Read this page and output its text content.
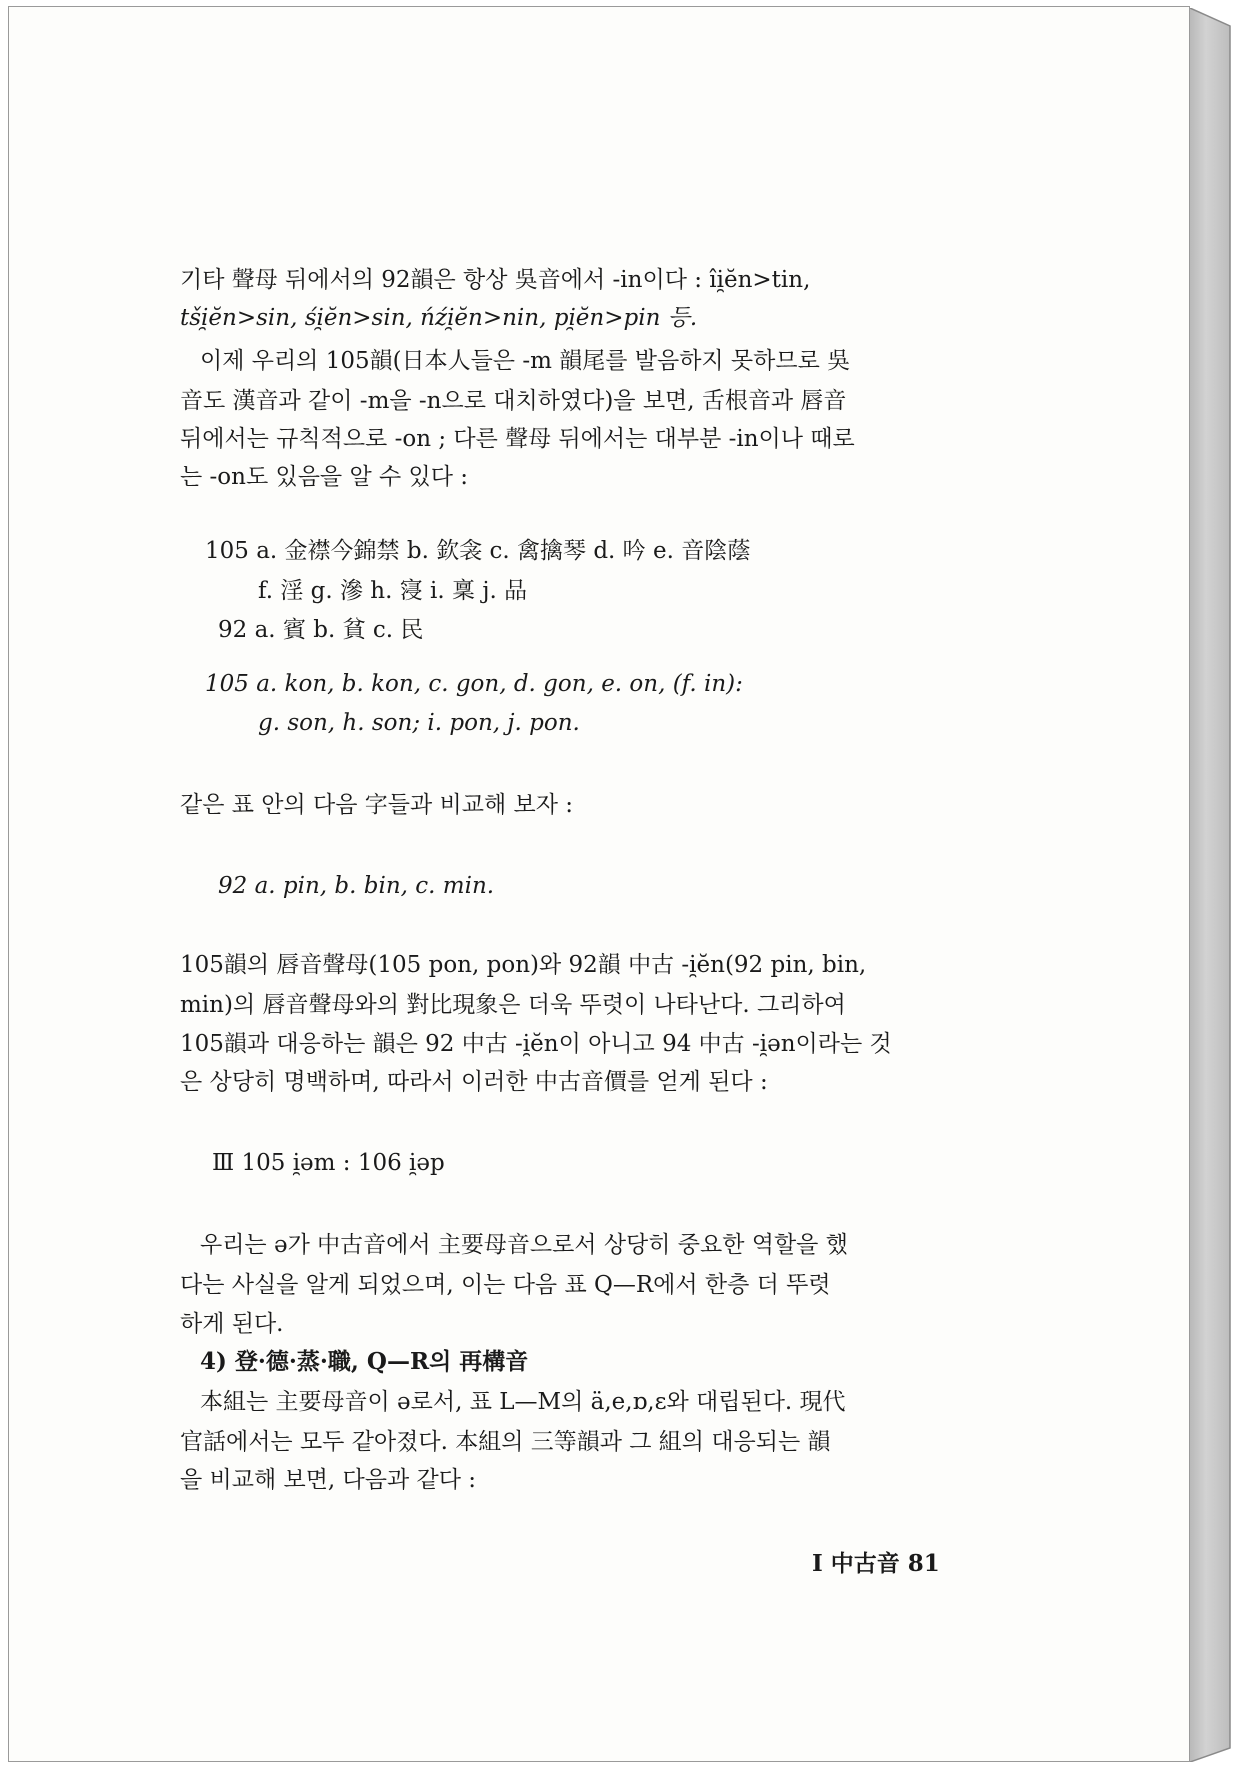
기타 聲母 뒤에서의 92韻은 항상 吳音에서 -in이다 : îi̯ĕn>tin,
tši̯ĕn>sin, śi̯ĕn>sin, ńźi̯ĕn>nin, pi̯ĕn>pin 등.
이제 우리의 105韻(日本人들은 -m 韻尾를 발음하지 못하므로 吳
音도 漢音과 같이 -m을 -n으로 대치하였다)을 보면, 舌根音과 唇音
뒤에서는 규칙적으로 -on ; 다른 聲母 뒤에서는 대부분 -in이나 때로
는 -on도 있음을 알 수 있다 :
105 a. 金襟今錦禁 b. 欽衾 c. 禽擒琴 d. 吟 e. 音陰蔭
f. 淫 g. 滲 h. 寖 i. 稟 j. 品
92 a. 賓 b. 貧 c. 民
105 a. kon, b. kon, c. gon, d. gon, e. on, (f. in):
g. son, h. son; i. pon, j. pon.
같은 표 안의 다음 字들과 비교해 보자 :
92 a. pin, b. bin, c. min.
105韻의 唇音聲母(105 pon, pon)와 92韻 中古 -i̯ĕn(92 pin, bin,
min)의 唇音聲母와의 對比現象은 더욱 뚜렷이 나타난다. 그리하여
105韻과 대응하는 韻은 92 中古 -i̯ĕn이 아니고 94 中古 -i̯ən이라는 것
은 상당히 명백하며, 따라서 이러한 中古音價를 얻게 된다 :
Ⅲ 105 i̯əm : 106 i̯əp
우리는 ə가 中古音에서 主要母音으로서 상당히 중요한 역할을 했
다는 사실을 알게 되었으며, 이는 다음 표 Q—R에서 한층 더 뚜렷
하게 된다.
4) 登·德·蒸·職, Q—R의 再構音
本組는 主要母音이 ə로서, 표 L—M의 ä,e,ɒ,ɛ와 대립된다. 現代
官話에서는 모두 같아졌다. 本組의 三等韻과 그 組의 대응되는 韻
을 비교해 보면, 다음과 같다 :
I 中古音 81
